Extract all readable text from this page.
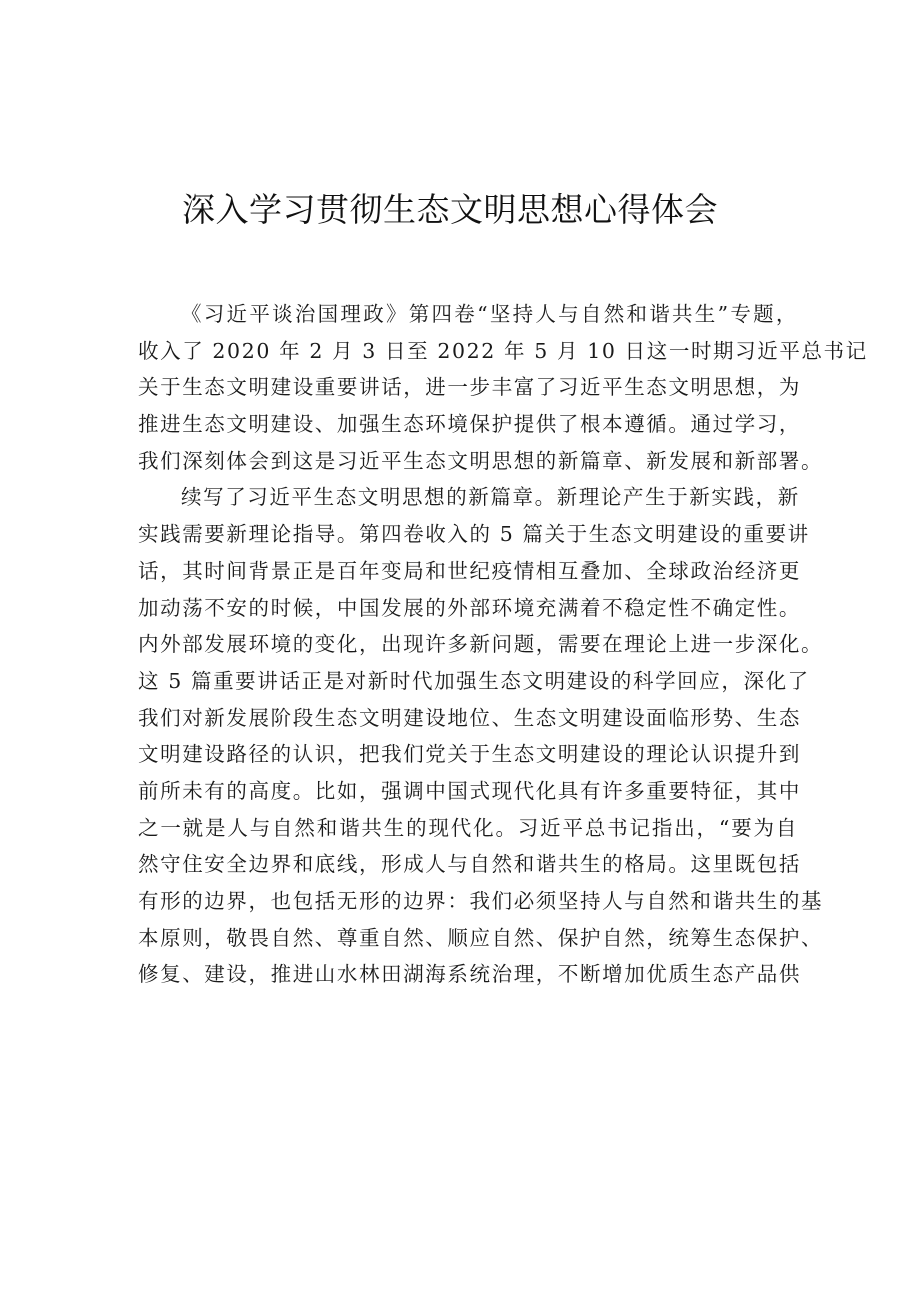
深入学习贯彻生态文明思想心得体会
《习近平谈治国理政》第四卷“坚持人与自然和谐共生”专题，
收入了 2020 年 2 月 3 日至 2022 年 5 月 10 日这一时期习近平总书记
关于生态文明建设重要讲话，进一步丰富了习近平生态文明思想，为
推进生态文明建设、加强生态环境保护提供了根本遵循。通过学习，
我们深刻体会到这是习近平生态文明思想的新篇章、新发展和新部署。
续写了习近平生态文明思想的新篇章。新理论产生于新实践，新
实践需要新理论指导。第四卷收入的 5 篇关于生态文明建设的重要讲
话，其时间背景正是百年变局和世纪疫情相互叠加、全球政治经济更
加动荡不安的时候，中国发展的外部环境充满着不稳定性不确定性。
内外部发展环境的变化，出现许多新问题，需要在理论上进一步深化。
这 5 篇重要讲话正是对新时代加强生态文明建设的科学回应，深化了
我们对新发展阶段生态文明建设地位、生态文明建设面临形势、生态
文明建设路径的认识，把我们党关于生态文明建设的理论认识提升到
前所未有的高度。比如，强调中国式现代化具有许多重要特征，其中
之一就是人与自然和谐共生的现代化。习近平总书记指出，“要为自
然守住安全边界和底线，形成人与自然和谐共生的格局。这里既包括
有形的边界，也包括无形的边界：我们必须坚持人与自然和谐共生的基
本原则，敬畏自然、尊重自然、顺应自然、保护自然，统筹生态保护、
修复、建设，推进山水林田湖海系统治理，不断增加优质生态产品供
